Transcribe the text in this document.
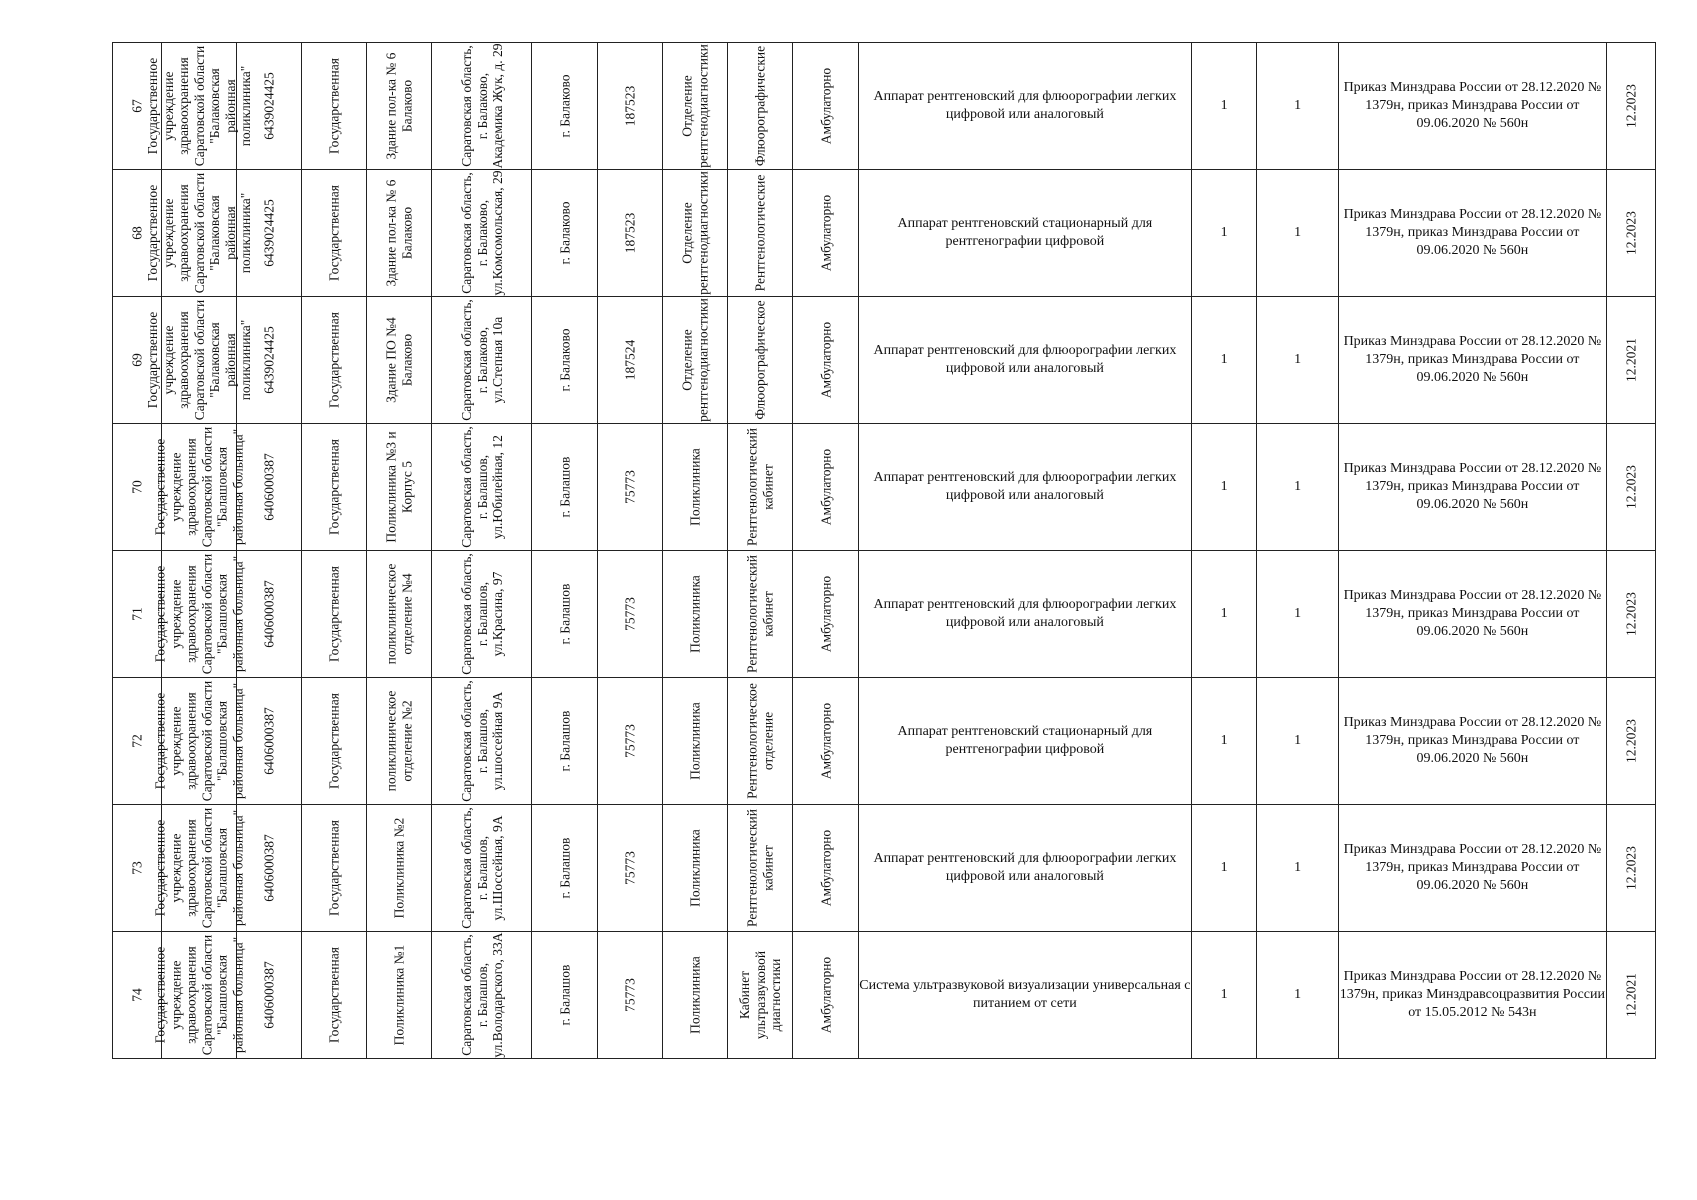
67	Государственное учреждение здравоохранения Саратовской области "Балаковская районная поликлиника"	6439024425	Государственная	Здание пол-ка № 6 Балаково	Саратовская область, г. Балаково, Академика Жук, д. 29	г. Балаково	187523	Отделение рентгенодиагностики	Флюорографические	Амбулаторно	Аппарат рентгеновский для флюорографии легких цифровой или аналоговый	1	1	Приказ Минздрава России от 28.12.2020 № 1379н, приказ Минздрава России от 09.06.2020 № 560н	12.2023

68	Государственное учреждение здравоохранения Саратовской области "Балаковская районная поликлиника"	6439024425	Государственная	Здание пол-ка № 6 Балаково	Саратовская область, г. Балаково, ул.Комсомольская, 29	г. Балаково	187523	Отделение рентгенодиагностики	Рентгенологические	Амбулаторно	Аппарат рентгеновский стационарный для рентгенографии цифровой	1	1	Приказ Минздрава России от 28.12.2020 № 1379н, приказ Минздрава России от 09.06.2020 № 560н	12.2023

69	Государственное учреждение здравоохранения Саратовской области "Балаковская районная поликлиника"	6439024425	Государственная	Здание ПО №4 Балаково	Саратовская область, г. Балаково, ул.Степная 10а	г. Балаково	187524	Отделение рентгенодиагностики	Флюорографическое	Амбулаторно	Аппарат рентгеновский для флюорографии легких цифровой или аналоговый	1	1	Приказ Минздрава России от 28.12.2020 № 1379н, приказ Минздрава России от 09.06.2020 № 560н	12.2021

70	Государственное учреждение здравоохранения Саратовской области "Балашовская районная больница"	6406000387	Государственная	Поликлиника №3 и Корпус 5	Саратовская область, г. Балашов, ул.Юбилейная, 12	г. Балашов	75773	Поликлиника	Рентгенологический кабинет	Амбулаторно	Аппарат рентгеновский для флюорографии легких цифровой или аналоговый	1	1	Приказ Минздрава России от 28.12.2020 № 1379н, приказ Минздрава России от 09.06.2020 № 560н	12.2023

71	Государственное учреждение здравоохранения Саратовской области "Балашовская районная больница"	6406000387	Государственная	поликлиническое отделение №4	Саратовская область, г. Балашов, ул.Красина, 97	г. Балашов	75773	Поликлиника	Рентгенологический кабинет	Амбулаторно	Аппарат рентгеновский для флюорографии легких цифровой или аналоговый	1	1	Приказ Минздрава России от 28.12.2020 № 1379н, приказ Минздрава России от 09.06.2020 № 560н	12.2023

72	Государственное учреждение здравоохранения Саратовской области "Балашовская районная больница"	6406000387	Государственная	поликлиническое отделение №2	Саратовская область, г. Балашов, ул.шоссейная 9А	г. Балашов	75773	Поликлиника	Рентгенологическое отделение	Амбулаторно	Аппарат рентгеновский стационарный для рентгенографии цифровой	1	1	Приказ Минздрава России от 28.12.2020 № 1379н, приказ Минздрава России от 09.06.2020 № 560н	12.2023

73	Государственное учреждение здравоохранения Саратовской области "Балашовская районная больница"	6406000387	Государственная	Поликлиника №2	Саратовская область, г. Балашов, ул.Шоссейная, 9А	г. Балашов	75773	Поликлиника	Рентгенологический кабинет	Амбулаторно	Аппарат рентгеновский для флюорографии легких цифровой или аналоговый	1	1	Приказ Минздрава России от 28.12.2020 № 1379н, приказ Минздрава России от 09.06.2020 № 560н	12.2023

74	Государственное учреждение здравоохранения Саратовской области "Балашовская районная больница"	6406000387	Государственная	Поликлиника №1	Саратовская область, г. Балашов, ул.Володарского, 33А	г. Балашов	75773	Поликлиника	Кабинет ультразвуковой диагностики	Амбулаторно	Система ультразвуковой визуализации универсальная с питанием от сети	1	1	Приказ Минздрава России от 28.12.2020 № 1379н, приказ Минздравсоцразвития России от 15.05.2012 № 543н	12.2021
